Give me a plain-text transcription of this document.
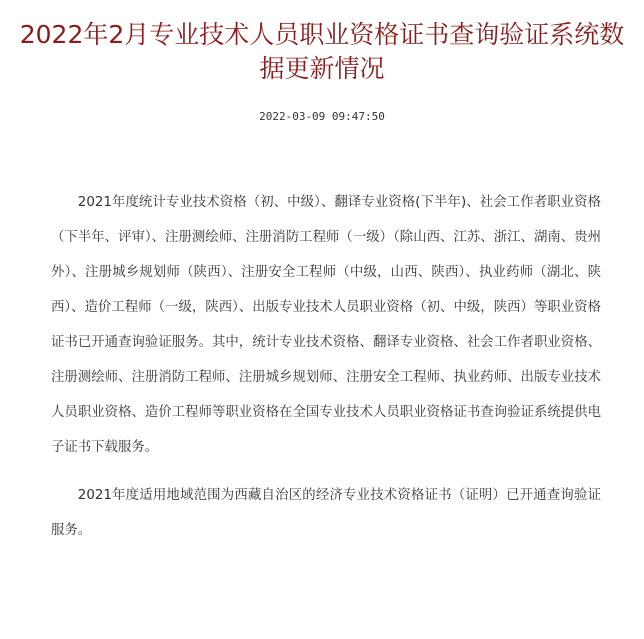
2022年2月专业技术人员职业资格证书查询验证系统数据更新情况
2022-03-09 09:47:50

2021年度统计专业技术资格（初、中级）、翻译专业资格(下半年)、社会工作者职业资格（下半年、评审）、注册测绘师、注册消防工程师（一级）（除山西、江苏、浙江、湖南、贵州外）、注册城乡规划师（陕西）、注册安全工程师（中级，山西、陕西）、执业药师（湖北、陕西）、造价工程师（一级，陕西）、出版专业技术人员职业资格（初、中级，陕西）等职业资格证书已开通查询验证服务。其中，统计专业技术资格、翻译专业资格、社会工作者职业资格、注册测绘师、注册消防工程师、注册城乡规划师、注册安全工程师、执业药师、出版专业技术人员职业资格、造价工程师等职业资格在全国专业技术人员职业资格证书查询验证系统提供电子证书下载服务。

2021年度适用地域范围为西藏自治区的经济专业技术资格证书（证明）已开通查询验证服务。
